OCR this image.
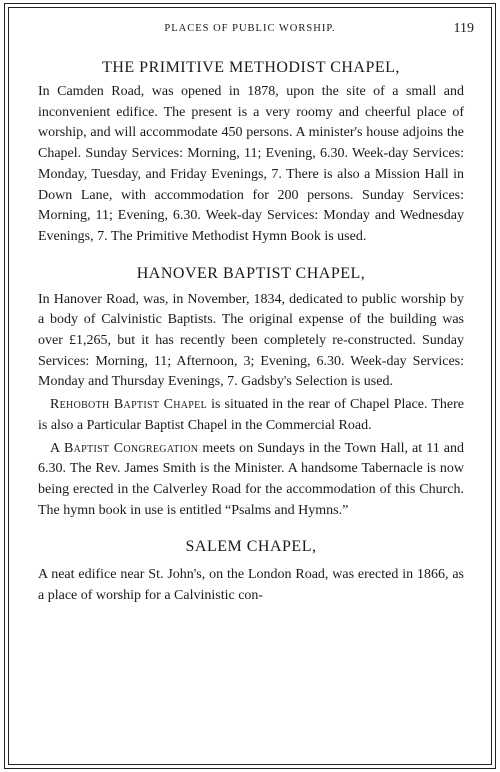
PLACES OF PUBLIC WORSHIP.	119
THE PRIMITIVE METHODIST CHAPEL,

In Camden Road, was opened in 1878, upon the site of a small and inconvenient edifice. The present is a very roomy and cheerful place of worship, and will accommodate 450 persons. A minister's house adjoins the Chapel. Sunday Services: Morning, 11; Evening, 6.30. Week-day Services: Monday, Tuesday, and Friday Evenings, 7. There is also a Mission Hall in Down Lane, with accommodation for 200 persons. Sunday Services: Morning, 11; Evening, 6.30. Week-day Services: Monday and Wednesday Evenings, 7. The Primitive Methodist Hymn Book is used.

HANOVER BAPTIST CHAPEL,

In Hanover Road, was, in November, 1834, dedicated to public worship by a body of Calvinistic Baptists. The original expense of the building was over £1,265, but it has recently been completely re-constructed. Sunday Services: Morning, 11; Afternoon, 3; Evening, 6.30. Week-day Services: Monday and Thursday Evenings, 7. Gadsby's Selection is used.

Rehoboth Baptist Chapel is situated in the rear of Chapel Place. There is also a Particular Baptist Chapel in the Commercial Road.

A Baptist Congregation meets on Sundays in the Town Hall, at 11 and 6.30. The Rev. James Smith is the Minister. A handsome Tabernacle is now being erected in the Calverley Road for the accommodation of this Church. The hymn book in use is entitled “Psalms and Hymns.”

SALEM CHAPEL,

A neat edifice near St. John's, on the London Road, was erected in 1866, as a place of worship for a Calvinistic con-
